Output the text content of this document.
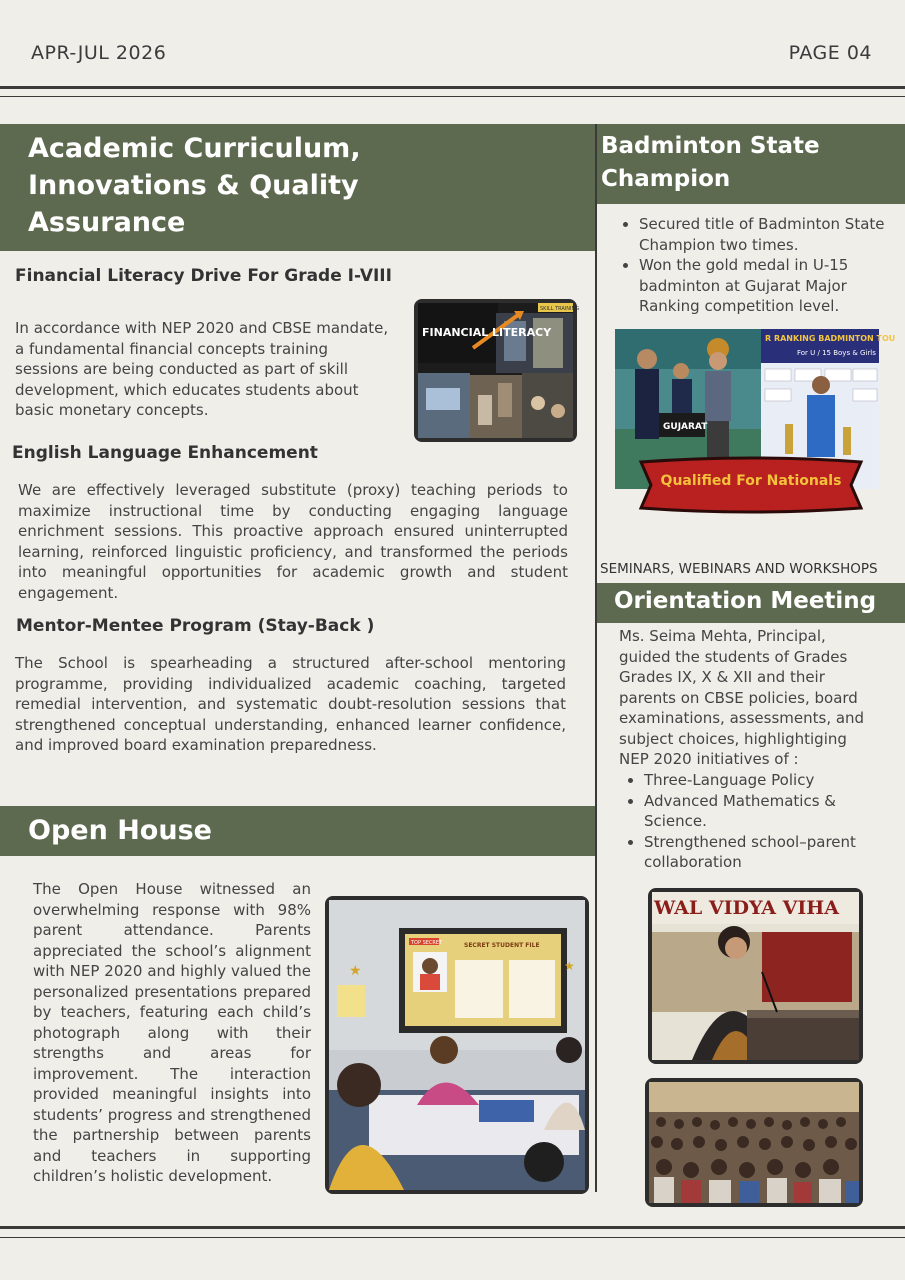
APR-JUL 2026	PAGE 04
Academic Curriculum, Innovations & Quality Assurance
Financial Literacy Drive For Grade I-VIII
In accordance with NEP 2020 and CBSE mandate, a fundamental financial concepts training sessions are being conducted as part of skill development, which educates students about basic monetary concepts.
FINANCIAL LITERACY
SKILL TRAINING
English Language Enhancement
We are effectively leveraged substitute (proxy) teaching periods to maximize instructional time by conducting engaging language enrichment sessions. This proactive approach ensured uninterrupted learning, reinforced linguistic proficiency, and transformed the periods into meaningful opportunities for academic growth and student engagement.
Mentor-Mentee Program (Stay-Back )
The School is spearheading a structured after-school mentoring programme, providing individualized academic coaching, targeted remedial intervention, and systematic doubt-resolution sessions that strengthened conceptual understanding, enhanced learner confidence, and improved board examination preparedness.
Open House
The Open House witnessed an overwhelming response with 98% parent attendance. Parents appreciated the school’s alignment with NEP 2020 and highly valued the personalized presentations prepared by teachers, featuring each child’s photograph along with their strengths and areas for improvement. The interaction provided meaningful insights into students’ progress and strengthened the partnership between parents and teachers in supporting children’s holistic development.
SECRET STUDENT FILE
TOP SECRET
★	★
Badminton State Champion
• Secured title of Badminton State Champion two times.
• Won the gold medal in U-15 badminton at Gujarat Major Ranking competition level.
GUJARAT
R RANKING BADMINTON TOU
For U / 15 Boys & Girls
Qualified For Nationals
SEMINARS, WEBINARS AND WORKSHOPS
Orientation Meeting
Ms. Seima Mehta, Principal, guided the students of Grades Grades IX, X & XII and their parents on CBSE policies, board examinations, assessments, and subject choices, highlightiging NEP 2020 initiatives of :
• Three-Language Policy
• Advanced Mathematics & Science.
• Strengthened school–parent collaboration
WAL VIDYA VIHA
